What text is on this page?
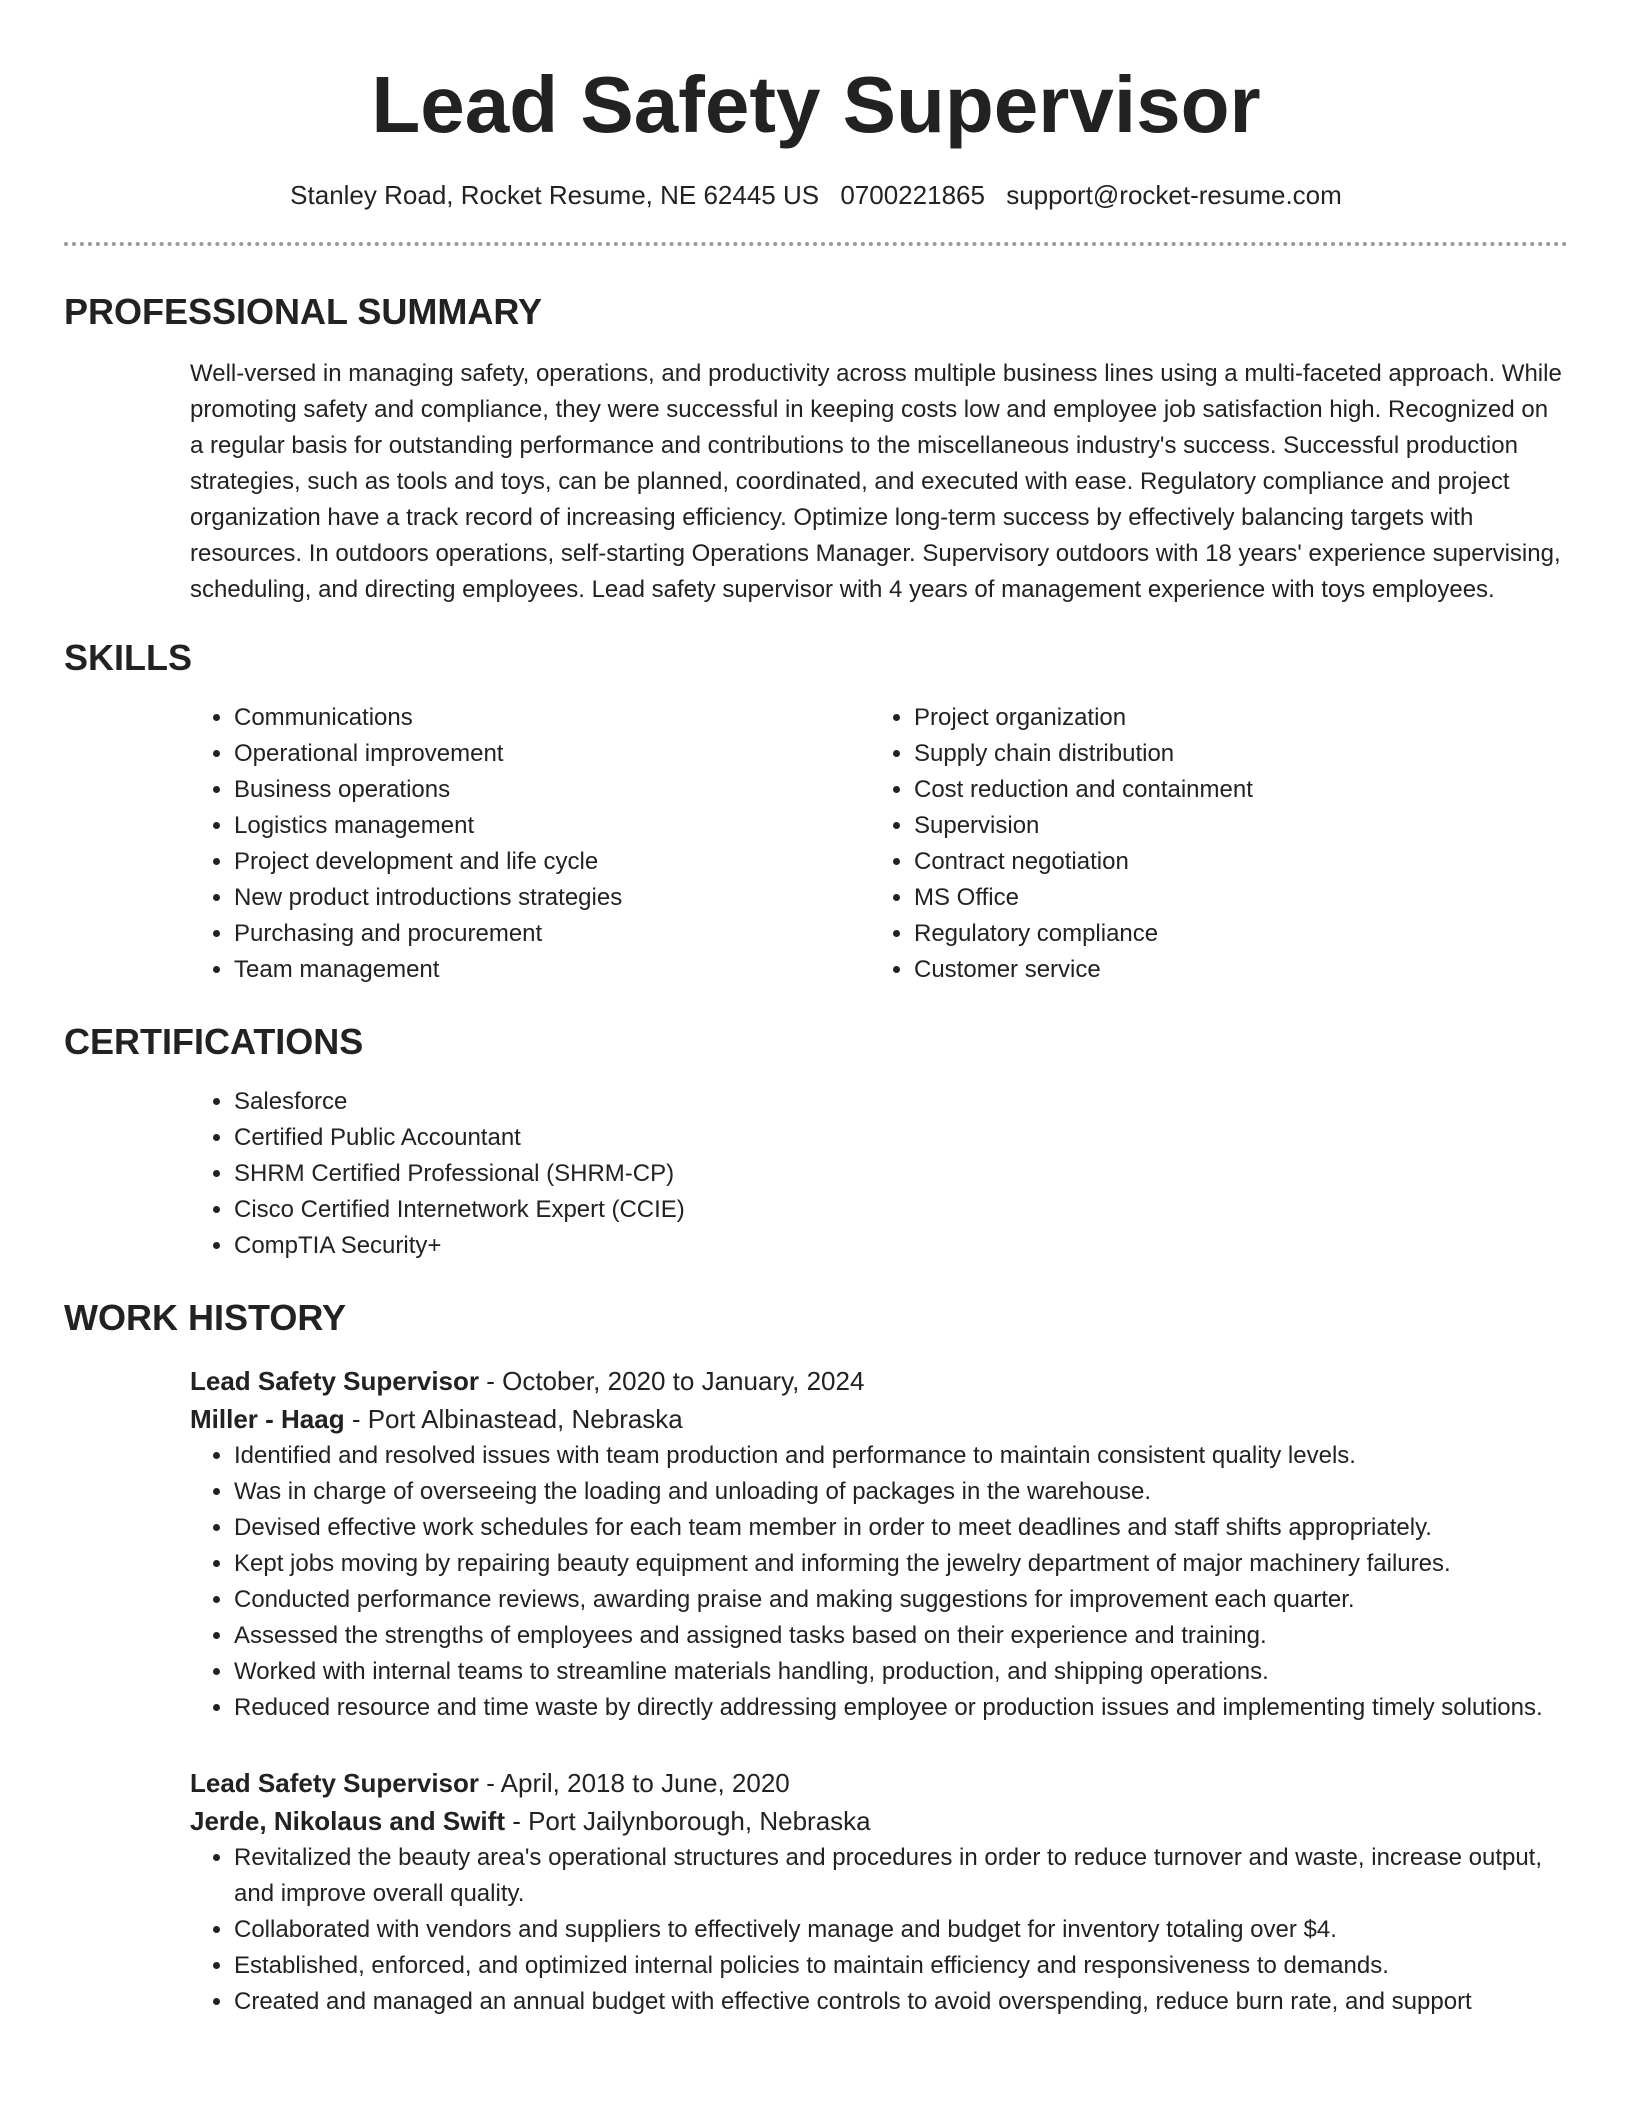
Lead Safety Supervisor
Stanley Road, Rocket Resume, NE 62445 US 0700221865 support@rocket-resume.com
PROFESSIONAL SUMMARY
Well-versed in managing safety, operations, and productivity across multiple business lines using a multi-faceted approach. While promoting safety and compliance, they were successful in keeping costs low and employee job satisfaction high. Recognized on a regular basis for outstanding performance and contributions to the miscellaneous industry's success. Successful production strategies, such as tools and toys, can be planned, coordinated, and executed with ease. Regulatory compliance and project organization have a track record of increasing efficiency. Optimize long-term success by effectively balancing targets with resources. In outdoors operations, self-starting Operations Manager. Supervisory outdoors with 18 years' experience supervising, scheduling, and directing employees. Lead safety supervisor with 4 years of management experience with toys employees.
SKILLS
• Communications
• Operational improvement
• Business operations
• Logistics management
• Project development and life cycle
• New product introductions strategies
• Purchasing and procurement
• Team management
• Project organization
• Supply chain distribution
• Cost reduction and containment
• Supervision
• Contract negotiation
• MS Office
• Regulatory compliance
• Customer service
CERTIFICATIONS
• Salesforce
• Certified Public Accountant
• SHRM Certified Professional (SHRM-CP)
• Cisco Certified Internetwork Expert (CCIE)
• CompTIA Security+
WORK HISTORY
Lead Safety Supervisor - October, 2020 to January, 2024
Miller - Haag - Port Albinastead, Nebraska
• Identified and resolved issues with team production and performance to maintain consistent quality levels.
• Was in charge of overseeing the loading and unloading of packages in the warehouse.
• Devised effective work schedules for each team member in order to meet deadlines and staff shifts appropriately.
• Kept jobs moving by repairing beauty equipment and informing the jewelry department of major machinery failures.
• Conducted performance reviews, awarding praise and making suggestions for improvement each quarter.
• Assessed the strengths of employees and assigned tasks based on their experience and training.
• Worked with internal teams to streamline materials handling, production, and shipping operations.
• Reduced resource and time waste by directly addressing employee or production issues and implementing timely solutions.
Lead Safety Supervisor - April, 2018 to June, 2020
Jerde, Nikolaus and Swift - Port Jailynborough, Nebraska
• Revitalized the beauty area's operational structures and procedures in order to reduce turnover and waste, increase output, and improve overall quality.
• Collaborated with vendors and suppliers to effectively manage and budget for inventory totaling over $4.
• Established, enforced, and optimized internal policies to maintain efficiency and responsiveness to demands.
• Created and managed an annual budget with effective controls to avoid overspending, reduce burn rate, and support
